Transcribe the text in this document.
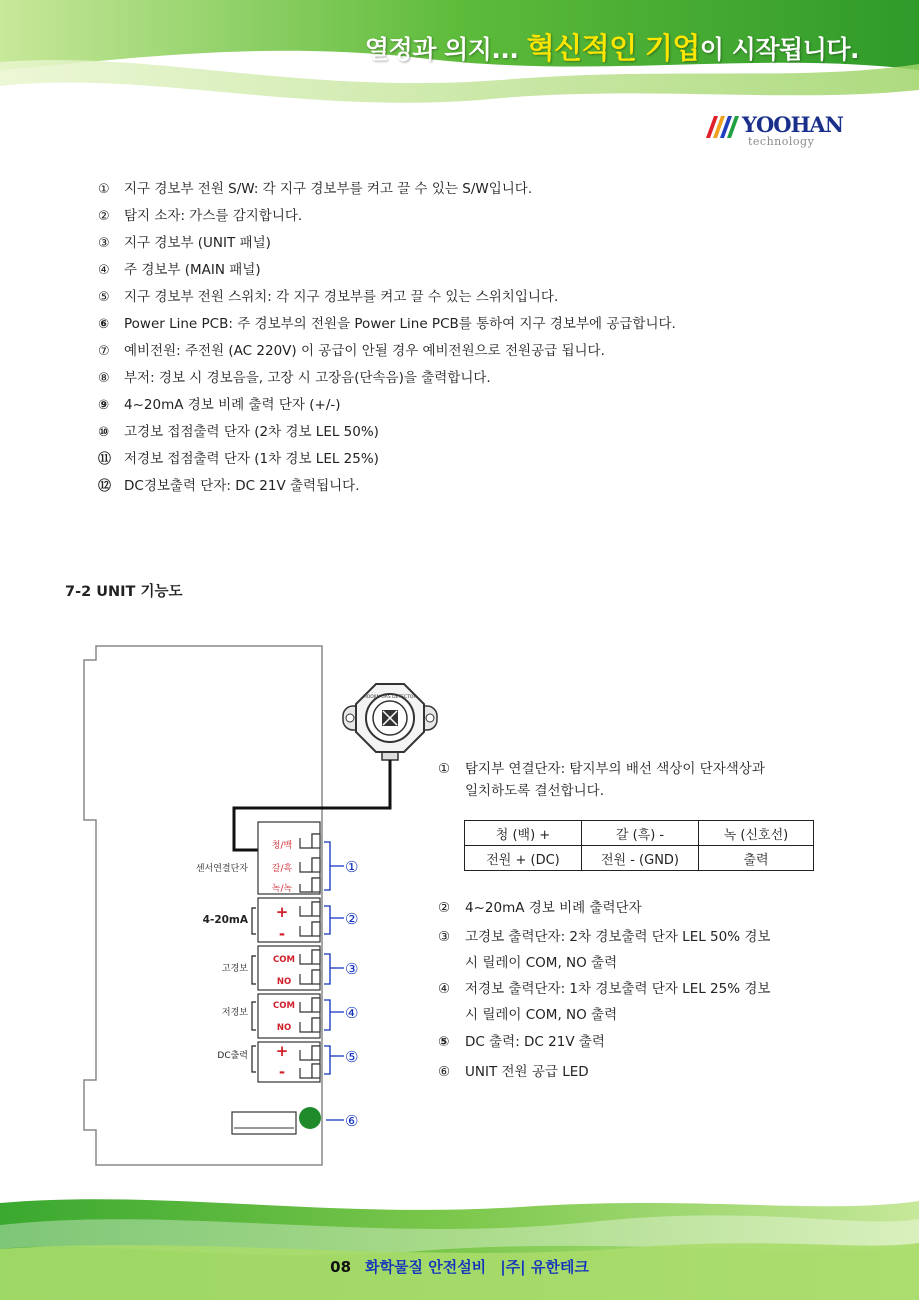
열정과 의지... 혁신적인 기업이 시작됩니다.
YOOHAN
technology
① 지구 경보부 전원 S/W: 각 지구 경보부를 켜고 끌 수 있는 S/W입니다.
② 탐지 소자: 가스를 감지합니다.
③ 지구 경보부 (UNIT 패널)
④ 주 경보부 (MAIN 패널)
⑤ 지구 경보부 전원 스위치: 각 지구 경보부를 켜고 끌 수 있는 스위치입니다.
⑥ Power Line PCB: 주 경보부의 전원을 Power Line PCB를 통하여 지구 경보부에 공급합니다.
⑦ 예비전원: 주전원 (AC 220V) 이 공급이 안될 경우 예비전원으로 전원공급 됩니다.
⑧ 부저: 경보 시 경보음을, 고장 시 고장음(단속음)을 출력합니다.
⑨ 4~20mA 경보 비례 출력 단자 (+/-)
⑩ 고경보 접점출력 단자 (2차 경보 LEL 50%)
⑪ 저경보 접점출력 단자 (1차 경보 LEL 25%)
⑫ DC경보출력 단자: DC 21V 출력됩니다.
7-2 UNIT 기능도
HOOJIN GAS DETECTOR
청/백
갈/흑
녹/녹
+
-
COM
NO
COM
NO
+
-
센서연결단자
4-20mA
고경보
저경보
DC출력
①
②
③
④
⑤
⑥
① 탐지부 연결단자: 탐지부의 배선 색상이 단자색상과
일치하도록 결선합니다.
청 (백) +	갈 (흑) -	녹 (신호선)
전원 + (DC)	전원 - (GND)	출력
② 4~20mA 경보 비례 출력단자
③ 고경보 출력단자: 2차 경보출력 단자 LEL 50% 경보
시 릴레이 COM, NO 출력
④ 저경보 출력단자: 1차 경보출력 단자 LEL 25% 경보
시 릴레이 COM, NO 출력
⑤ DC 출력: DC 21V 출력
⑥ UNIT 전원 공급 LED
08 화학물질 안전설비 |주| 유한테크
